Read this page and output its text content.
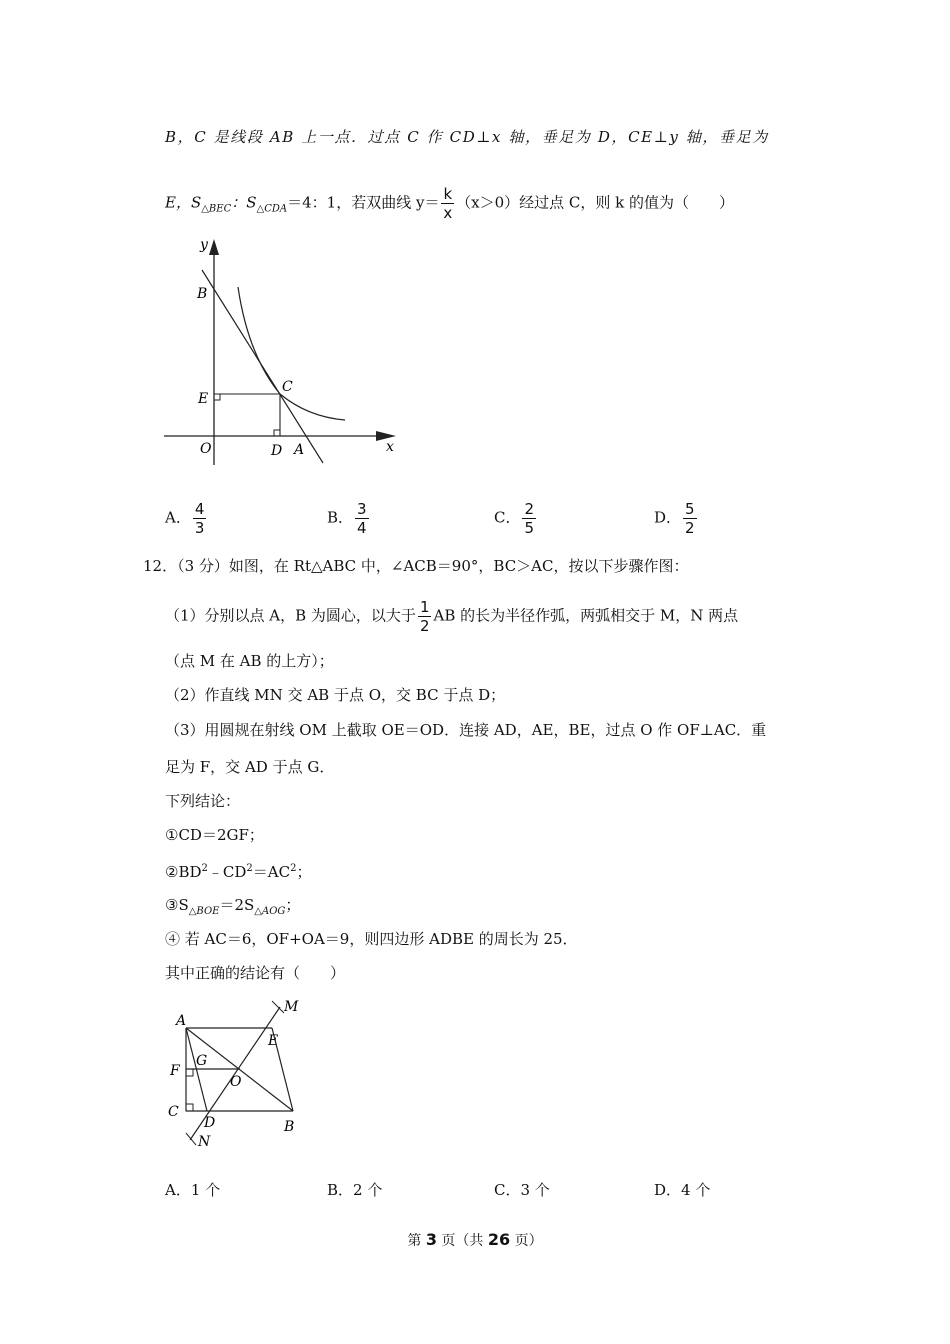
B，C 是线段 AB 上一点．过点 C 作 CD⊥x 轴，垂足为 D，CE⊥y 轴，垂足为
E，$S_{\triangle BEC}$：$S_{\triangle CDA}=4$：1，若双曲线 $y= \frac{k}{x} (x>0)$经过点 C，则 k 的值为（　　）
y
x
B
E
C
O	D A
A． $\frac{4}{3}$	B． $\frac{3}{4}$	C． $\frac{2}{5}$	D． $\frac{5}{2}$
12．（3 分）如图，在 Rt△ABC 中，∠ACB＝90°，BC＞AC，按以下步骤作图：
（1）分别以点 A，B 为圆心，以大于 $\frac{1}{2}$ AB 的长为半径作弧，两弧相交于 M，N 两点
（点 M 在 AB 的上方）；
（2）作直线 MN 交 AB 于点 O，交 BC 于点 D；
（3）用圆规在射线 OM 上截取 OE＝OD．连接 AD，AE，BE，过点 O 作 OF⊥AC．重
足为 F，交 AD 于点 G．
下列结论：
①CD＝2GF；
$②BD^2﹣CD^2=AC^2$；
$③S_{\triangle BOE}=2S_{\triangle AOG}$；
④ 若 AC＝6，OF+OA＝9，则四边形 ADBE 的周长为 25．
其中正确的结论有（　　）
A
M
E
G
F
O
C
D
N
B
A．1 个	B．2 个	C．3 个	D．4 个
第 3 页（共 26 页）
